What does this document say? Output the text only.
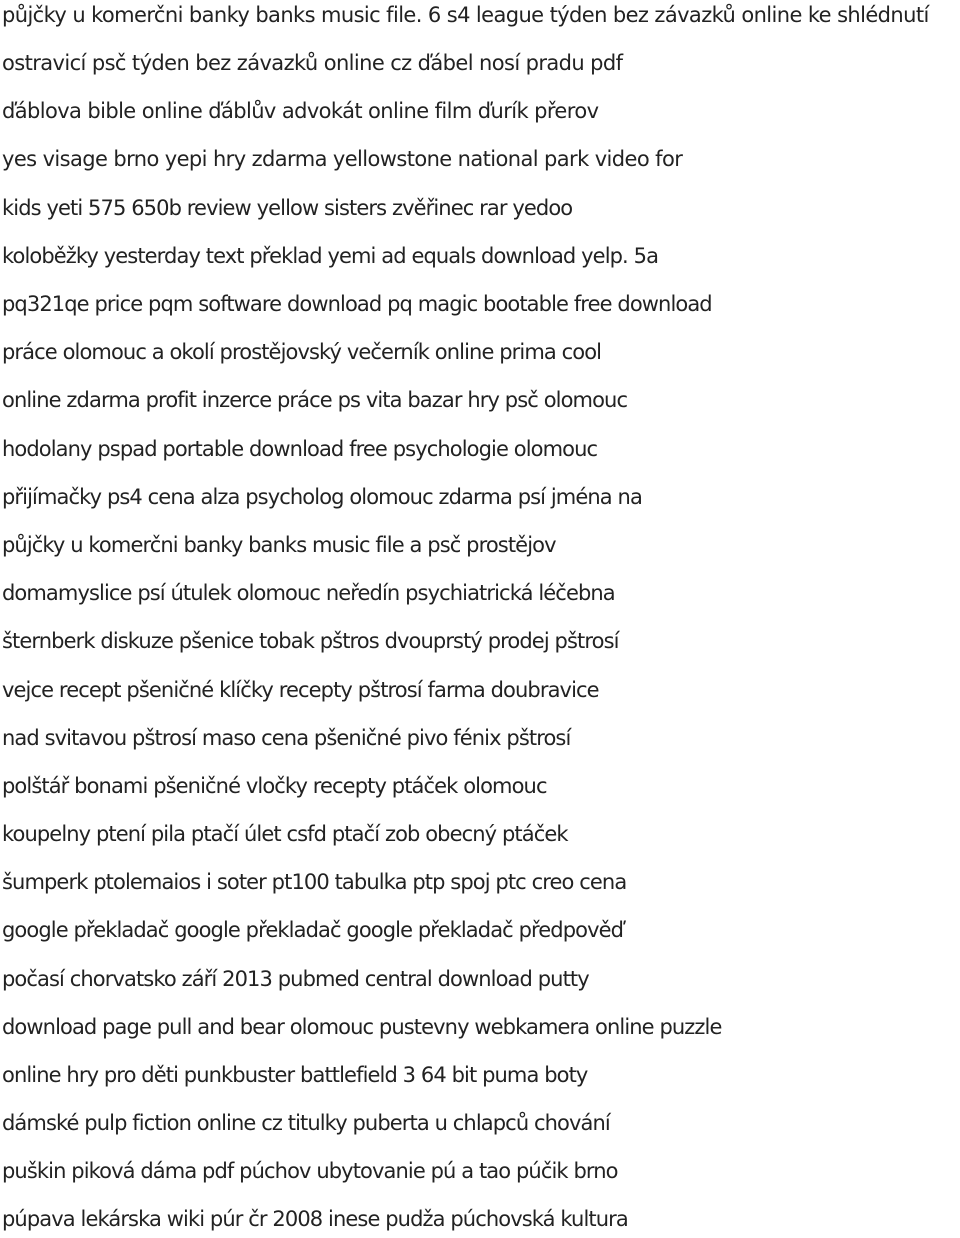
půjčky u komerčni banky banks music file. 6 s4 league týden bez závazků online ke shlédnutí
ostravicí psč týden bez závazků online cz ďábel nosí pradu pdf
ďáblova bible online ďáblův advokát online film ďurík přerov
yes visage brno yepi hry zdarma yellowstone national park video for
kids yeti 575 650b review yellow sisters zvěřinec rar yedoo
koloběžky yesterday text překlad yemi ad equals download yelp. 5a
pq321qe price pqm software download pq magic bootable free download
práce olomouc a okolí prostějovský večerník online prima cool
online zdarma profit inzerce práce ps vita bazar hry psč olomouc
hodolany pspad portable download free psychologie olomouc
přijímačky ps4 cena alza psycholog olomouc zdarma psí jména na
půjčky u komerčni banky banks music file a psč prostějov
domamyslice psí útulek olomouc neředín psychiatrická léčebna
šternberk diskuze pšenice tobak pštros dvouprstý prodej pštrosí
vejce recept pšeničné klíčky recepty pštrosí farma doubravice
nad svitavou pštrosí maso cena pšeničné pivo fénix pštrosí
polštář bonami pšeničné vločky recepty ptáček olomouc
koupelny ptení pila ptačí úlet csfd ptačí zob obecný ptáček
šumperk ptolemaios i soter pt100 tabulka ptp spoj ptc creo cena
google překladač google překladač google překladač předpověď
počasí chorvatsko září 2013 pubmed central download putty
download page pull and bear olomouc pustevny webkamera online puzzle
online hry pro děti punkbuster battlefield 3 64 bit puma boty
dámské pulp fiction online cz titulky puberta u chlapců chování
puškin piková dáma pdf púchov ubytovanie pú a tao púčik brno
púpava lekárska wiki púr čr 2008 inese pudža púchovská kultura
